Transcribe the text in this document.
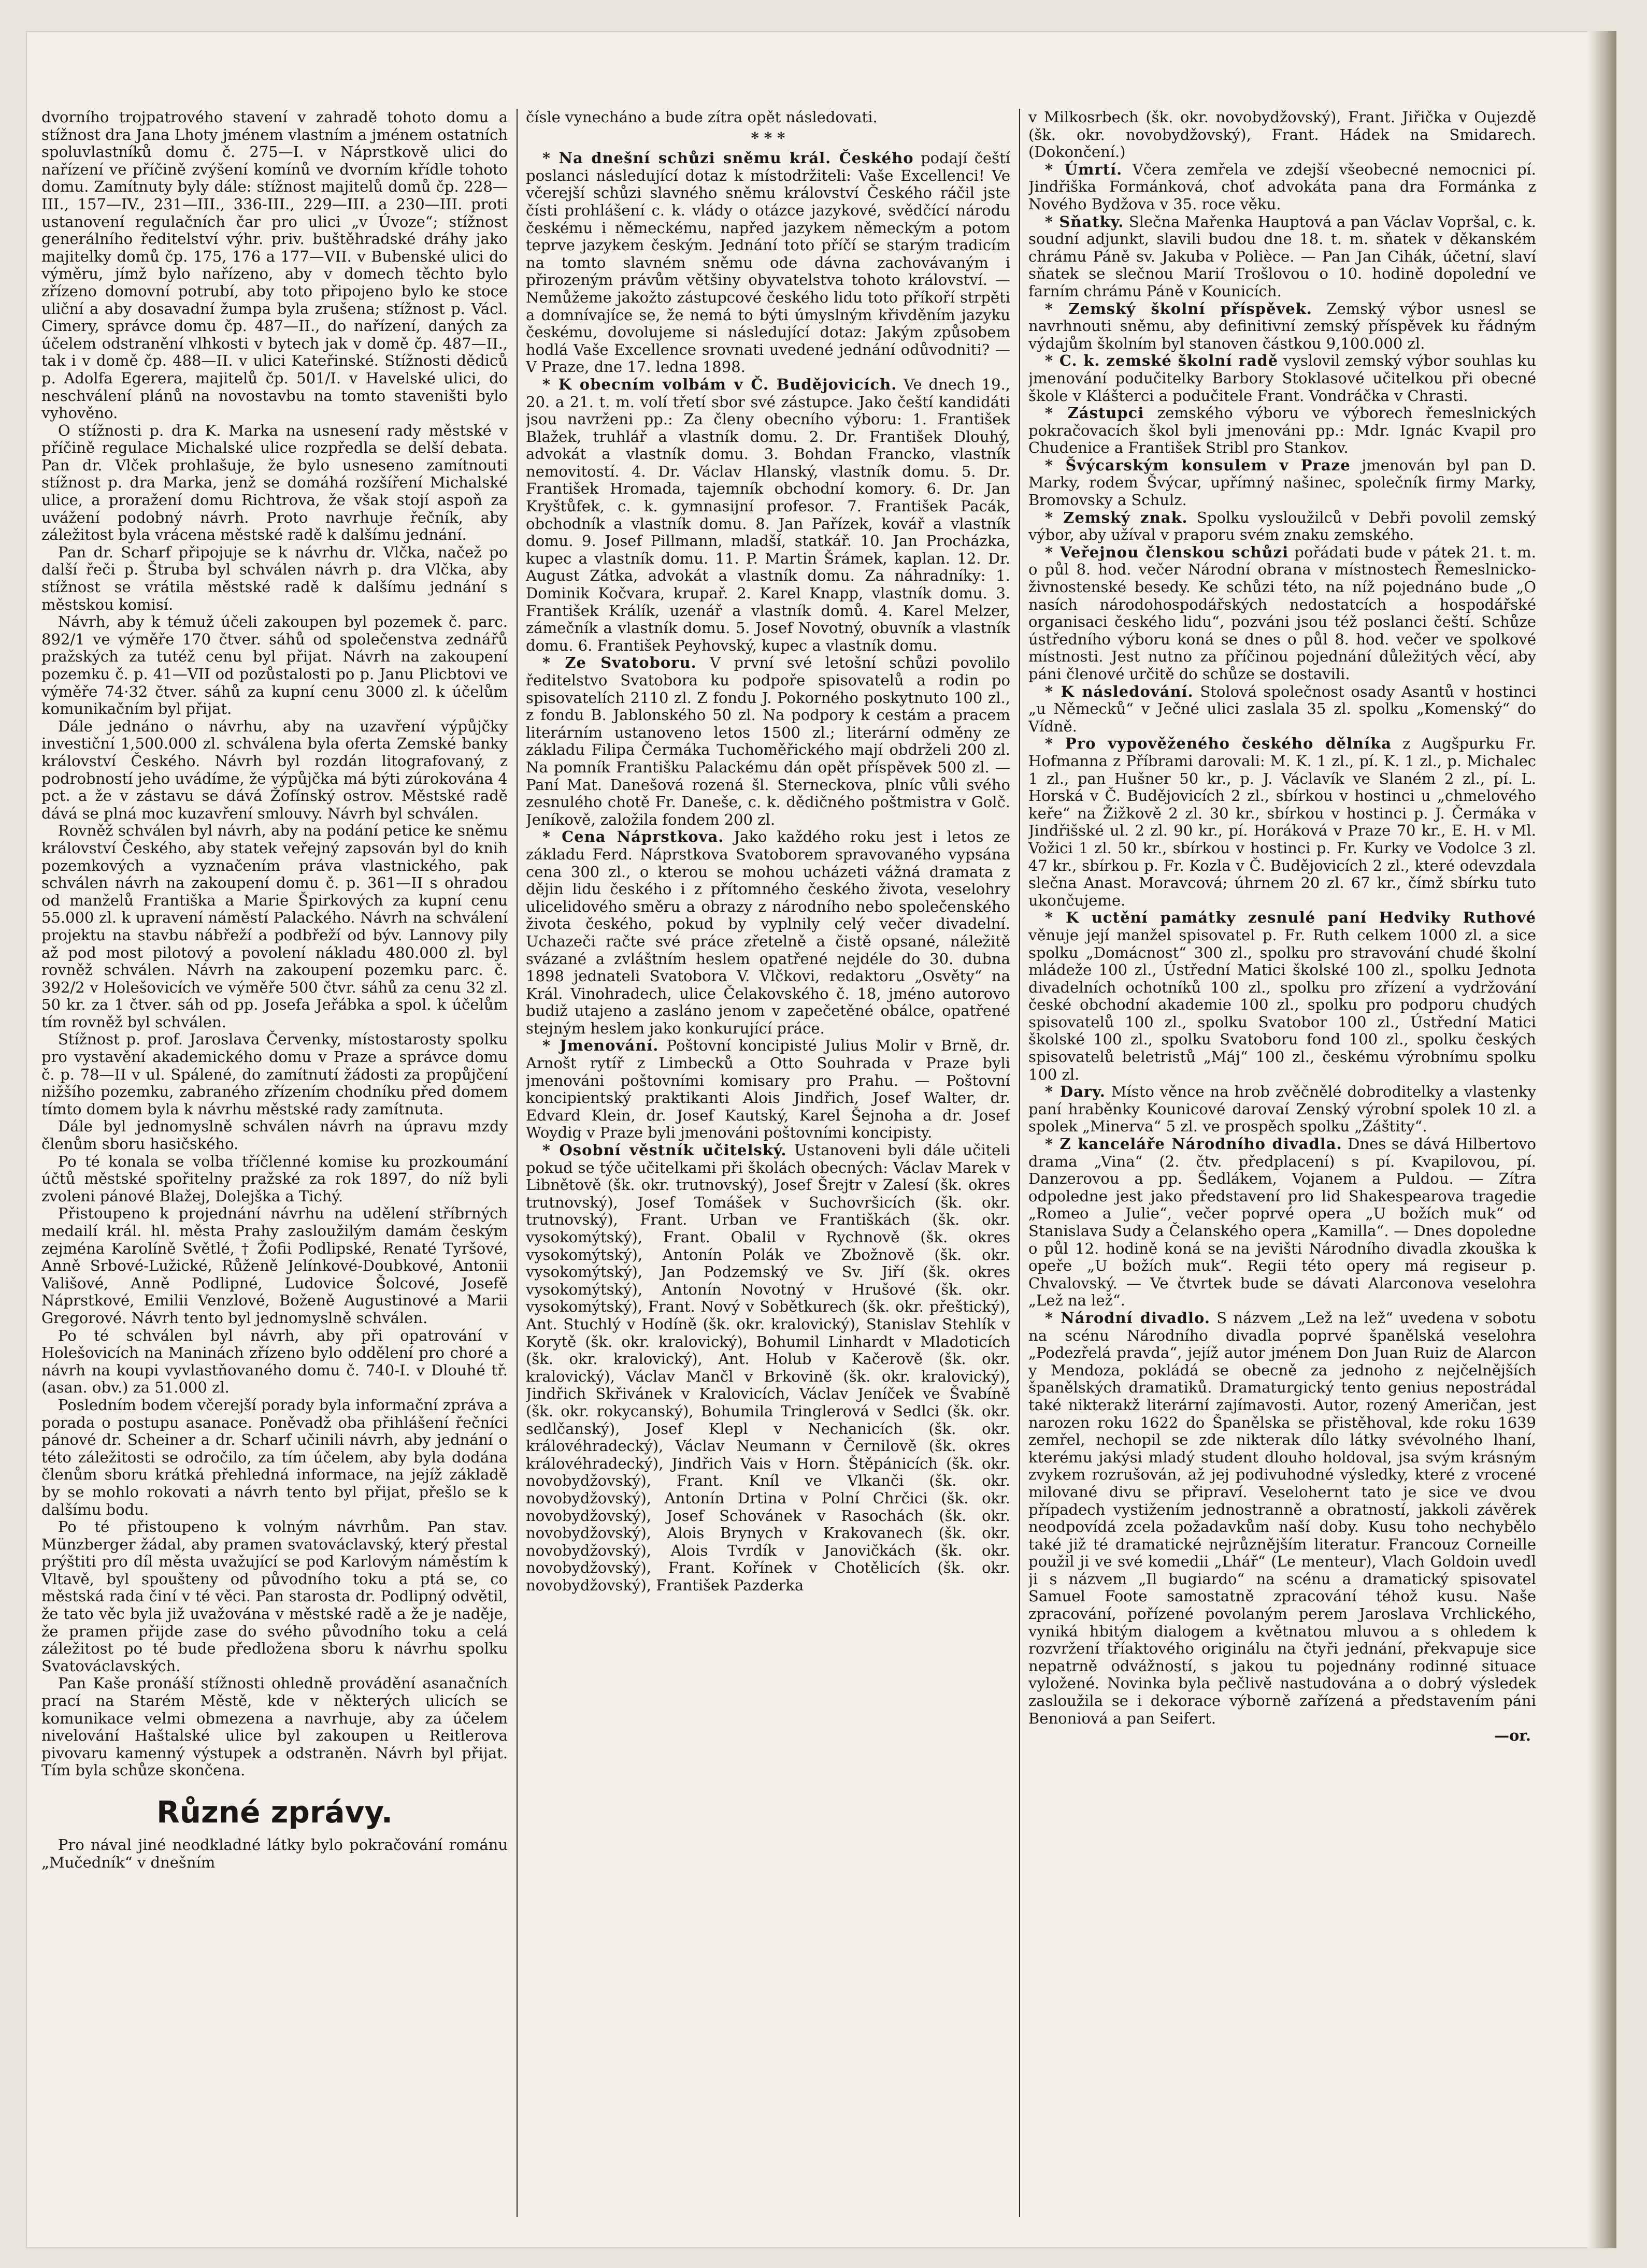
dvorního trojpatrového stavení v zahradě tohoto domu a stížnost dra Jana Lhoty jménem vlastním a jménem ostatních spoluvlastníků domu č. 275—I. v Náprstkově ulici do nařízení ve příčině zvýšení komínů ve dvorním křídle tohoto domu. Zamítnuty byly dále: stížnost majitelů domů čp. 228—III., 157—IV., 231—III., 336-III., 229—III. a 230—III. proti ustanovení regulačních čar pro ulici „v Úvoze“; stížnost generálního ředitelství výhr. priv. buštěhradské dráhy jako majitelky domů čp. 175, 176 a 177—VII. v Bubenské ulici do výměru, jímž bylo nařízeno, aby v domech těchto bylo zřízeno domovní potrubí, aby toto připojeno bylo ke stoce uliční a aby dosavadní žumpa byla zrušena; stížnost p. Václ. Cimery, správce domu čp. 487—II., do nařízení, daných za účelem odstranění vlhkosti v bytech jak v domě čp. 487—II., tak i v domě čp. 488—II. v ulici Kateřinské. Stížnosti dědiců p. Adolfa Egerera, majitelů čp. 501/I. v Havelské ulici, do neschválení plánů na novostavbu na tomto staveništi bylo vyhověno.

O stížnosti p. dra K. Marka na usnesení rady městské v příčině regulace Michalské ulice rozpředla se delší debata. Pan dr. Vlček prohlašuje, že bylo usneseno zamítnouti stížnost p. dra Marka, jenž se domáhá rozšíření Michalské ulice, a proražení domu Richtrova, že však stojí aspoň za uvážení podobný návrh. Proto navrhuje řečník, aby záležitost byla vrácena městské radě k dalšímu jednání.

Pan dr. Scharf připojuje se k návrhu dr. Vlčka, načež po další řeči p. Štruba byl schválen návrh p. dra Vlčka, aby stížnost se vrátila městské radě k dalšímu jednání s městskou komisí.

Návrh, aby k témuž účeli zakoupen byl pozemek č. parc. 892/1 ve výměře 170 čtver. sáhů od společenstva zednářů pražských za tutéž cenu byl přijat. Návrh na zakoupení pozemku č. p. 41—VII od pozůstalosti po p. Janu Plicbtovi ve výměře 74·32 čtver. sáhů za kupní cenu 3000 zl. k účelům komunikačním byl přijat.

Dále jednáno o návrhu, aby na uzavření výpůjčky investiční 1,500.000 zl. schválena byla oferta Zemské banky království Českého. Návrh byl rozdán litografovaný, z podrobností jeho uvádíme, že výpůjčka má býti zúrokována 4 pct. a že v zástavu se dává Žofínský ostrov. Městské radě dává se plná moc kuzavření smlouvy. Návrh byl schválen.

Rovněž schválen byl návrh, aby na podání petice ke sněmu království Českého, aby statek veřejný zapsován byl do knih pozemkových a vyznačením práva vlastnického, pak schválen návrh na zakoupení domu č. p. 361—II s ohradou od manželů Františka a Marie Špirkových za kupní cenu 55.000 zl. k upravení náměstí Palackého. Návrh na schválení projektu na stavbu nábřeží a podbřeží od býv. Lannovy pily až pod most pilotový a povolení nákladu 480.000 zl. byl rovněž schválen. Návrh na zakoupení pozemku parc. č. 392/2 v Holešovicích ve výměře 500 čtvr. sáhů za cenu 32 zl. 50 kr. za 1 čtver. sáh od pp. Josefa Jeřábka a spol. k účelům tím rovněž byl schválen.

Stížnost p. prof. Jaroslava Červenky, místostarosty spolku pro vystavění akademického domu v Praze a správce domu č. p. 78—II v ul. Spálené, do zamítnutí žádosti za propůjčení nižšího pozemku, zabraného zřízením chodníku před domem tímto domem byla k návrhu městské rady zamítnuta.

Dále byl jednomyslně schválen návrh na úpravu mzdy členům sboru hasičského.

Po té konala se volba tříčlenné komise ku prozkoumání účtů městské spořitelny pražské za rok 1897, do níž byli zvoleni pánové Blažej, Dolejška a Tichý.

Přistoupeno k projednání návrhu na udělení stříbrných medailí král. hl. města Prahy zasloužilým damám českým zejména Karolíně Světlé, † Žofii Podlipské, Renaté Tyršové, Anně Srbové-Lužické, Růženě Jelínkové-Doubkové, Antonii Vališové, Anně Podlipné, Ludovice Šolcové, Josefě Náprstkové, Emilii Venzlové, Boženě Augustinové a Marii Gregorové. Návrh tento byl jednomyslně schválen.

Po té schválen byl návrh, aby při opatrování v Holešovicích na Maninách zřízeno bylo oddělení pro choré a návrh na koupi vyvlastňovaného domu č. 740-I. v Dlouhé tř. (asan. obv.) za 51.000 zl.

Posledním bodem včerejší porady byla informační zpráva a porada o postupu asanace. Poněvadž oba přihlášení řečníci pánové dr. Scheiner a dr. Scharf učinili návrh, aby jednání o této záležitosti se odročilo, za tím účelem, aby byla dodána členům sboru krátká přehledná informace, na jejíž základě by se mohlo rokovati a návrh tento byl přijat, přešlo se k dalšímu bodu.

Po té přistoupeno k volným návrhům. Pan stav. Münzberger žádal, aby pramen svatováclavský, který přestal prýštiti pro díl města uvažující se pod Karlovým náměstím k Vltavě, byl spoušteny od původního toku a ptá se, co městská rada činí v té věci. Pan starosta dr. Podlipný odvětil, že tato věc byla již uvažována v městské radě a že je naděje, že pramen přijde zase do svého původního toku a celá záležitost po té bude předložena sboru k návrhu spolku Svatováclavských.

Pan Kaše pronáší stížnosti ohledně provádění asanačních prací na Starém Městě, kde v některých ulicích se komunikace velmi obmezena a navrhuje, aby za účelem nivelování Haštalské ulice byl zakoupen u Reitlerova pivovaru kamenný výstupek a odstraněn. Návrh byl přijat. Tím byla schůze skončena.

Různé zprávy.

Pro nával jiné neodkladné látky bylo pokračování románu „Mučedník“ v dnešním

čísle vynecháno a bude zítra opět následovati.

* * *

* Na dnešní schůzi sněmu král. Českého podají čeští poslanci následující dotaz k místodržiteli: Vaše Excellenci! Ve včerejší schůzi slavného sněmu království Českého ráčil jste čísti prohlášení c. k. vlády o otázce jazykové, svědčící národu českému i německému, napřed jazykem německým a potom teprve jazykem českým. Jednání toto příčí se starým tradicím na tomto slavném sněmu ode dávna zachovávaným i přirozeným právům většiny obyvatelstva tohoto království. — Nemůžeme jakožto zástupcové českého lidu toto příkoří strpěti a domnívajíce se, že nemá to býti úmyslným křivděním jazyku českému, dovolujeme si následující dotaz: Jakým způsobem hodlá Vaše Excellence srovnati uvedené jednání odůvodniti? — V Praze, dne 17. ledna 1898.

* K obecním volbám v Č. Budějovicích. Ve dnech 19., 20. a 21. t. m. volí třetí sbor své zástupce. Jako čeští kandidáti jsou navrženi pp.: Za členy obecního výboru: 1. František Blažek, truhlář a vlastník domu. 2. Dr. František Dlouhý, advokát a vlastník domu. 3. Bohdan Francko, vlastník nemovitostí. 4. Dr. Václav Hlanský, vlastník domu. 5. Dr. František Hromada, tajemník obchodní komory. 6. Dr. Jan Kryštůfek, c. k. gymnasijní profesor. 7. František Pacák, obchodník a vlastník domu. 8. Jan Pařízek, kovář a vlastník domu. 9. Josef Pillmann, mladší, statkář. 10. Jan Procházka, kupec a vlastník domu. 11. P. Martin Šrámek, kaplan. 12. Dr. August Zátka, advokát a vlastník domu. Za náhradníky: 1. Dominik Kočvara, krupař. 2. Karel Knapp, vlastník domu. 3. František Králík, uzenář a vlastník domů. 4. Karel Melzer, zámečník a vlastník domu. 5. Josef Novotný, obuvník a vlastník domu. 6. František Peyhovský, kupec a vlastník domu.

* Ze Svatoboru. V první své letošní schůzi povolilo ředitelstvo Svatobora ku podpoře spisovatelů a rodin po spisovatelích 2110 zl. Z fondu J. Pokorného poskytnuto 100 zl., z fondu B. Jablonského 50 zl. Na podpory k cestám a pracem literárním ustanoveno letos 1500 zl.; literární odměny ze základu Filipa Čermáka Tuchoměřického mají obdrželi 200 zl. Na pomník Františku Palackému dán opět příspěvek 500 zl. — Paní Mat. Danešová rozená šl. Sterneckova, plníc vůli svého zesnulého chotě Fr. Daneše, c. k. dědičného poštmistra v Golč. Jeníkově, založila fondem 200 zl.

* Cena Náprstkova. Jako každého roku jest i letos ze základu Ferd. Náprstkova Svatoborem spravovaného vypsána cena 300 zl., o kterou se mohou ucházeti vážná dramata z dějin lidu českého i z přítomného českého života, veselohry ulicelidového směru a obrazy z národního nebo společenského života českého, pokud by vyplnily celý večer divadelní. Uchazeči račte své práce zřetelně a čistě opsané, náležitě svázané a zvláštním heslem opatřené nejdéle do 30. dubna 1898 jednateli Svatobora V. Vlčkovi, redaktoru „Osvěty“ na Král. Vinohradech, ulice Čelakovského č. 18, jméno autorovo budiž utajeno a zasláno jenom v zapečetěné obálce, opatřené stejným heslem jako konkurující práce.

* Jmenování. Poštovní koncipisté Julius Molir v Brně, dr. Arnošt rytíř z Limbecků a Otto Souhrada v Praze byli jmenováni poštovními komisary pro Prahu. — Poštovní koncipientský praktikanti Alois Jindřich, Josef Walter, dr. Edvard Klein, dr. Josef Kautský, Karel Šejnoha a dr. Josef Woydig v Praze byli jmenováni poštovními koncipisty.

* Osobní věstník učitelský. Ustanoveni byli dále učiteli pokud se týče učitelkami při školách obecných: Václav Marek v Libnětově (šk. okr. trutnovský), Josef Šrejtr v Zalesí (šk. okres trutnovský), Josef Tomášek v Suchovršicích (šk. okr. trutnovský), Frant. Urban ve Františkách (šk. okr. vysokomýtský), Frant. Obalil v Rychnově (šk. okres vysokomýtský), Antonín Polák ve Zbožnově (šk. okr. vysokomýtský), Jan Podzemský ve Sv. Jiří (šk. okres vysokomýtský), Antonín Novotný v Hrušové (šk. okr. vysokomýtský), Frant. Nový v Sobětkurech (šk. okr. přeštický), Ant. Stuchlý v Hodíně (šk. okr. kralovický), Stanislav Stehlík v Korytě (šk. okr. kralovický), Bohumil Linhardt v Mladoticích (šk. okr. kralovický), Ant. Holub v Kačerově (šk. okr. kralovický), Václav Mančl v Brkovině (šk. okr. kralovický), Jindřich Skřivánek v Kralovicích, Václav Jeníček ve Švabíně (šk. okr. rokycanský), Bohumila Tringlerová v Sedlci (šk. okr. sedlčanský), Josef Klepl v Nechanicích (šk. okr. královéhradecký), Václav Neumann v Černilově (šk. okres královéhradecký), Jindřich Vais v Horn. Štěpánicích (šk. okr. novobydžovský), Frant. Kníl ve Vlkanči (šk. okr. novobydžovský), Antonín Drtina v Polní Chrčici (šk. okr. novobydžovský), Josef Schovánek v Rasochách (šk. okr. novobydžovský), Alois Brynych v Krakovanech (šk. okr. novobydžovský), Alois Tvrdík v Janovičkách (šk. okr. novobydžovský), Frant. Kořínek v Chotělicích (šk. okr. novobydžovský), František Pazderka

v Milkosrbech (šk. okr. novobydžovský), Frant. Jiřička v Oujezdě (šk. okr. novobydžovský), Frant. Hádek na Smidarech. (Dokončení.)

* Úmrtí. Včera zemřela ve zdejší všeobecné nemocnici pí. Jindřiška Formánková, choť advokáta pana dra Formánka z Nového Bydžova v 35. roce věku.

* Sňatky. Slečna Mařenka Hauptová a pan Václav Vopršal, c. k. soudní adjunkt, slavili budou dne 18. t. m. sňatek v děkanském chrámu Páně sv. Jakuba v Polièce. — Pan Jan Cihák, účetní, slaví sňatek se slečnou Marií Trošlovou o 10. hodině dopolední ve farním chrámu Páně v Kounicích.

* Zemský školní příspěvek. Zemský výbor usnesl se navrhnouti sněmu, aby definitivní zemský příspěvek ku řádným výdajům školním byl stanoven částkou 9,100.000 zl.

* C. k. zemské školní radě vyslovil zemský výbor souhlas ku jmenování podučitelky Barbory Stoklasové učitelkou při obecné škole v Klášterci a podučitele Frant. Vondráčka v Chrasti.

* Zástupci zemského výboru ve výborech řemeslnických pokračovacích škol byli jmenováni pp.: Mdr. Ignác Kvapil pro Chudenice a František Stribl pro Stankov.

* Švýcarským konsulem v Praze jmenován byl pan D. Marky, rodem Švýcar, upřímný našinec, společník firmy Marky, Bromovsky a Schulz.

* Zemský znak. Spolku vysloužilců v Debři povolil zemský výbor, aby užíval v praporu svém znaku zemského.

* Veřejnou členskou schůzi pořádati bude v pátek 21. t. m. o půl 8. hod. večer Národní obrana v místnostech Řemeslnicko-živnostenské besedy. Ke schůzi této, na níž pojednáno bude „O nasích národohospodářských nedostatcích a hospodářské organisaci českého lidu“, pozváni jsou též poslanci čeští. Schůze ústředního výboru koná se dnes o půl 8. hod. večer ve spolkové místnosti. Jest nutno za příčinou pojednání důležitých věcí, aby páni členové určitě do schůze se dostavili.

* K následování. Stolová společnost osady Asantů v hostinci „u Německů“ v Ječné ulici zaslala 35 zl. spolku „Komenský“ do Vídně.

* Pro vypověženého českého dělníka z Augšpurku Fr. Hofmanna z Příbrami darovali: M. K. 1 zl., pí. K. 1 zl., p. Michalec 1 zl., pan Hušner 50 kr., p. J. Václavík ve Slaném 2 zl., pí. L. Horská v Č. Budějovicích 2 zl., sbírkou v hostinci u „chmelového keře“ na Žižkově 2 zl. 30 kr., sbírkou v hostinci p. J. Čermáka v Jindřišské ul. 2 zl. 90 kr., pí. Horáková v Praze 70 kr., E. H. v Ml. Vožici 1 zl. 50 kr., sbírkou v hostinci p. Fr. Kurky ve Vodolce 3 zl. 47 kr., sbírkou p. Fr. Kozla v Č. Budějovicích 2 zl., které odevzdala slečna Anast. Moravcová; úhrnem 20 zl. 67 kr., čímž sbírku tuto ukončujeme.

* K uctění památky zesnulé paní Hedviky Ruthové věnuje její manžel spisovatel p. Fr. Ruth celkem 1000 zl. a sice spolku „Domácnost“ 300 zl., spolku pro stravování chudé školní mládeže 100 zl., Ústřední Matici školské 100 zl., spolku Jednota divadelních ochotníků 100 zl., spolku pro zřízení a vydržování české obchodní akademie 100 zl., spolku pro podporu chudých spisovatelů 100 zl., spolku Svatobor 100 zl., Ústřední Matici školské 100 zl., spolku Svatoboru fond 100 zl., spolku českých spisovatelů beletristů „Máj“ 100 zl., českému výrobnímu spolku 100 zl.

* Dary. Místo věnce na hrob zvěčnělé dobroditelky a vlastenky paní hraběnky Kounicové darovaí Zenský výrobní spolek 10 zl. a spolek „Minerva“ 5 zl. ve prospěch spolku „Záštity“.

* Z kanceláře Národního divadla. Dnes se dává Hilbertovo drama „Vina“ (2. čtv. předplacení) s pí. Kvapilovou, pí. Danzerovou a pp. Šedlákem, Vojanem a Puldou. — Zítra odpoledne jest jako představení pro lid Shakespearova tragedie „Romeo a Julie“, večer poprvé opera „U božích muk“ od Stanislava Sudy a Čelanského opera „Kamilla“. — Dnes dopoledne o půl 12. hodině koná se na jevišti Národního divadla zkouška k opeře „U božích muk“. Regii této opery má regiseur p. Chvalovský. — Ve čtvrtek bude se dávati Alarconova veselohra „Lež na lež“.

* Národní divadlo. S názvem „Lež na lež“ uvedena v sobotu na scénu Národního divadla poprvé španělská veselohra „Podezřelá pravda“, jejíž autor jménem Don Juan Ruiz de Alarcon y Mendoza, pokládá se obecně za jednoho z nejčelnějších španělských dramatiků. Dramaturgický tento genius nepostrádal také nikterakž literární zajímavosti. Autor, rozený Američan, jest narozen roku 1622 do Španělska se přistěhoval, kde roku 1639 zemřel, nechopil se zde nikterak dílo látky svévolného lhaní, kterému jakýsi mladý student dlouho holdoval, jsa svým krásným zvykem rozrušován, až jej podivuhodné výsledky, které z vrocené milované divu se připraví. Veselohernt tato je sice ve dvou případech vystižením jednostranně a obratností, jakkoli závěrek neodpovídá zcela požadavkům naší doby. Kusu toho nechybělo také již té dramatické nejrůznějším literatur. Francouz Corneille použil ji ve své komedii „Lhář“ (Le menteur), Vlach Goldoin uvedl ji s názvem „Il bugiardo“ na scénu a dramatický spisovatel Samuel Foote samostatně zpracování téhož kusu. Naše zpracování, pořízené povolaným perem Jaroslava Vrchlického, vyniká hbitým dialogem a květnatou mluvou a s ohledem k rozvržení tříaktového originálu na čtyři jednání, překvapuje sice nepatrně odvážností, s jakou tu pojednány rodinné situace vyložené. Novinka byla pečlivě nastudována a o dobrý výsledek zasloužila se i dekorace výborně zařízená a představením páni Benoniová a pan Seifert.

—or.
